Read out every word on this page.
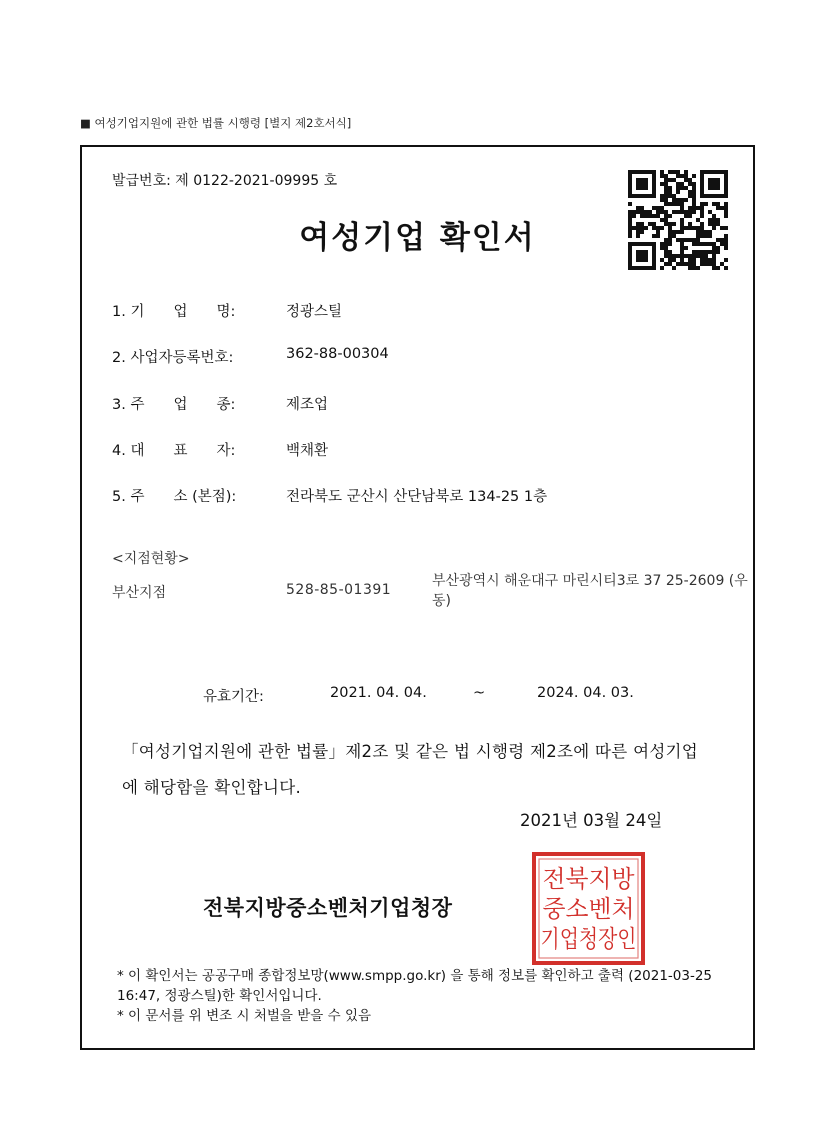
■ 여성기업지원에 관한 법률 시행령 [별지 제2호서식]
발급번호: 제 0122-2021-09995 호
여성기업 확인서
1. 기　　업　　명:	정광스틸
2. 사업자등록번호:	362-88-00304
3. 주　　업　　종:	제조업
4. 대　　표　　자:	백채환
5. 주　　소 (본점):	전라북도 군산시 산단남북로 134-25 1층
<지점현황>
부산지점	528-85-01391
부산광역시 해운대구 마린시티3로 37 25-2609 (우동)
유효기간:	2021. 04. 04.	~	2024. 04. 03.
「여성기업지원에 관한 법률」제2조 및 같은 법 시행령 제2조에 따른 여성기업에 해당함을 확인합니다.
2021년 03월 24일
전북지방중소벤처기업청장
전북지방
중소벤처
기업청장인
* 이 확인서는 공공구매 종합정보망(www.smpp.go.kr) 을 통해 정보를 확인하고 출력 (2021-03-25 16:47, 정광스틸)한 확인서입니다.
* 이 문서를 위 변조 시 처벌을 받을 수 있음
